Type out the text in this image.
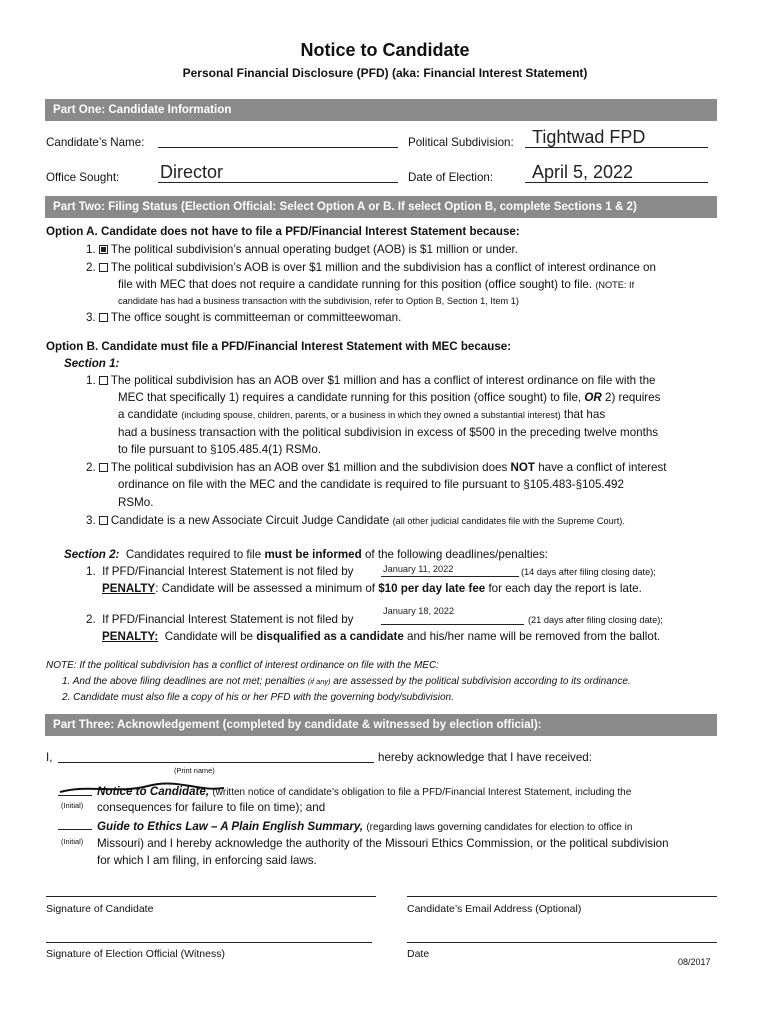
Notice to Candidate
Personal Financial Disclosure (PFD) (aka: Financial Interest Statement)
Part One: Candidate Information
Candidate’s Name:	Political Subdivision: Tightwad FPD
Office Sought: Director	Date of Election: April 5, 2022
Part Two: Filing Status (Election Official: Select Option A or B. If select Option B, complete Sections 1 & 2)
Option A. Candidate does not have to file a PFD/Financial Interest Statement because:
1. The political subdivision’s annual operating budget (AOB) is $1 million or under.
2. The political subdivision’s AOB is over $1 million and the subdivision has a conflict of interest ordinance on
file with MEC that does not require a candidate running for this position (office sought) to file. (NOTE: If
candidate has had a business transaction with the subdivision, refer to Option B, Section 1, Item 1)
3. The office sought is committeeman or committeewoman.
Option B. Candidate must file a PFD/Financial Interest Statement with MEC because:
Section 1:
1. The political subdivision has an AOB over $1 million and has a conflict of interest ordinance on file with the
MEC that specifically 1) requires a candidate running for this position (office sought) to file, OR 2) requires
a candidate (including spouse, children, parents, or a business in which they owned a substantial interest) that has
had a business transaction with the political subdivision in excess of $500 in the preceding twelve months
to file pursuant to §105.485.4(1) RSMo.
2. The political subdivision has an AOB over $1 million and the subdivision does NOT have a conflict of interest
ordinance on file with the MEC and the candidate is required to file pursuant to §105.483-§105.492
RSMo.
3. Candidate is a new Associate Circuit Judge Candidate (all other judicial candidates file with the Supreme Court).
Section 2: Candidates required to file must be informed of the following deadlines/penalties:
1.  If PFD/Financial Interest Statement is not filed by	January 11, 2022	(14 days after filing closing date);
PENALTY: Candidate will be assessed a minimum of $10 per day late fee for each day the report is late.
2.  If PFD/Financial Interest Statement is not filed by
January 18, 2022
(21 days after filing closing date);
PENALTY: Candidate will be disqualified as a candidate and his/her name will be removed from the ballot.
NOTE: If the political subdivision has a conflict of interest ordinance on file with the MEC:
1. And the above filing deadlines are not met; penalties (if any) are assessed by the political subdivision according to its ordinance.
2. Candidate must also file a copy of his or her PFD with the governing body/subdivision.
Part Three: Acknowledgement (completed by candidate & witnessed by election official):
I,	hereby acknowledge that I have received:
(Print name)
(Initial)
Notice to Candidate, (written notice of candidate’s obligation to file a PFD/Financial Interest Statement, including the
consequences for failure to file on time); and
(Initial)
Guide to Ethics Law – A Plain English Summary, (regarding laws governing candidates for election to office in
Missouri) and I hereby acknowledge the authority of the Missouri Ethics Commission, or the political subdivision
for which I am filing, in enforcing said laws.
Signature of Candidate	Candidate’s Email Address (Optional)
Signature of Election Official (Witness)	Date
08/2017
